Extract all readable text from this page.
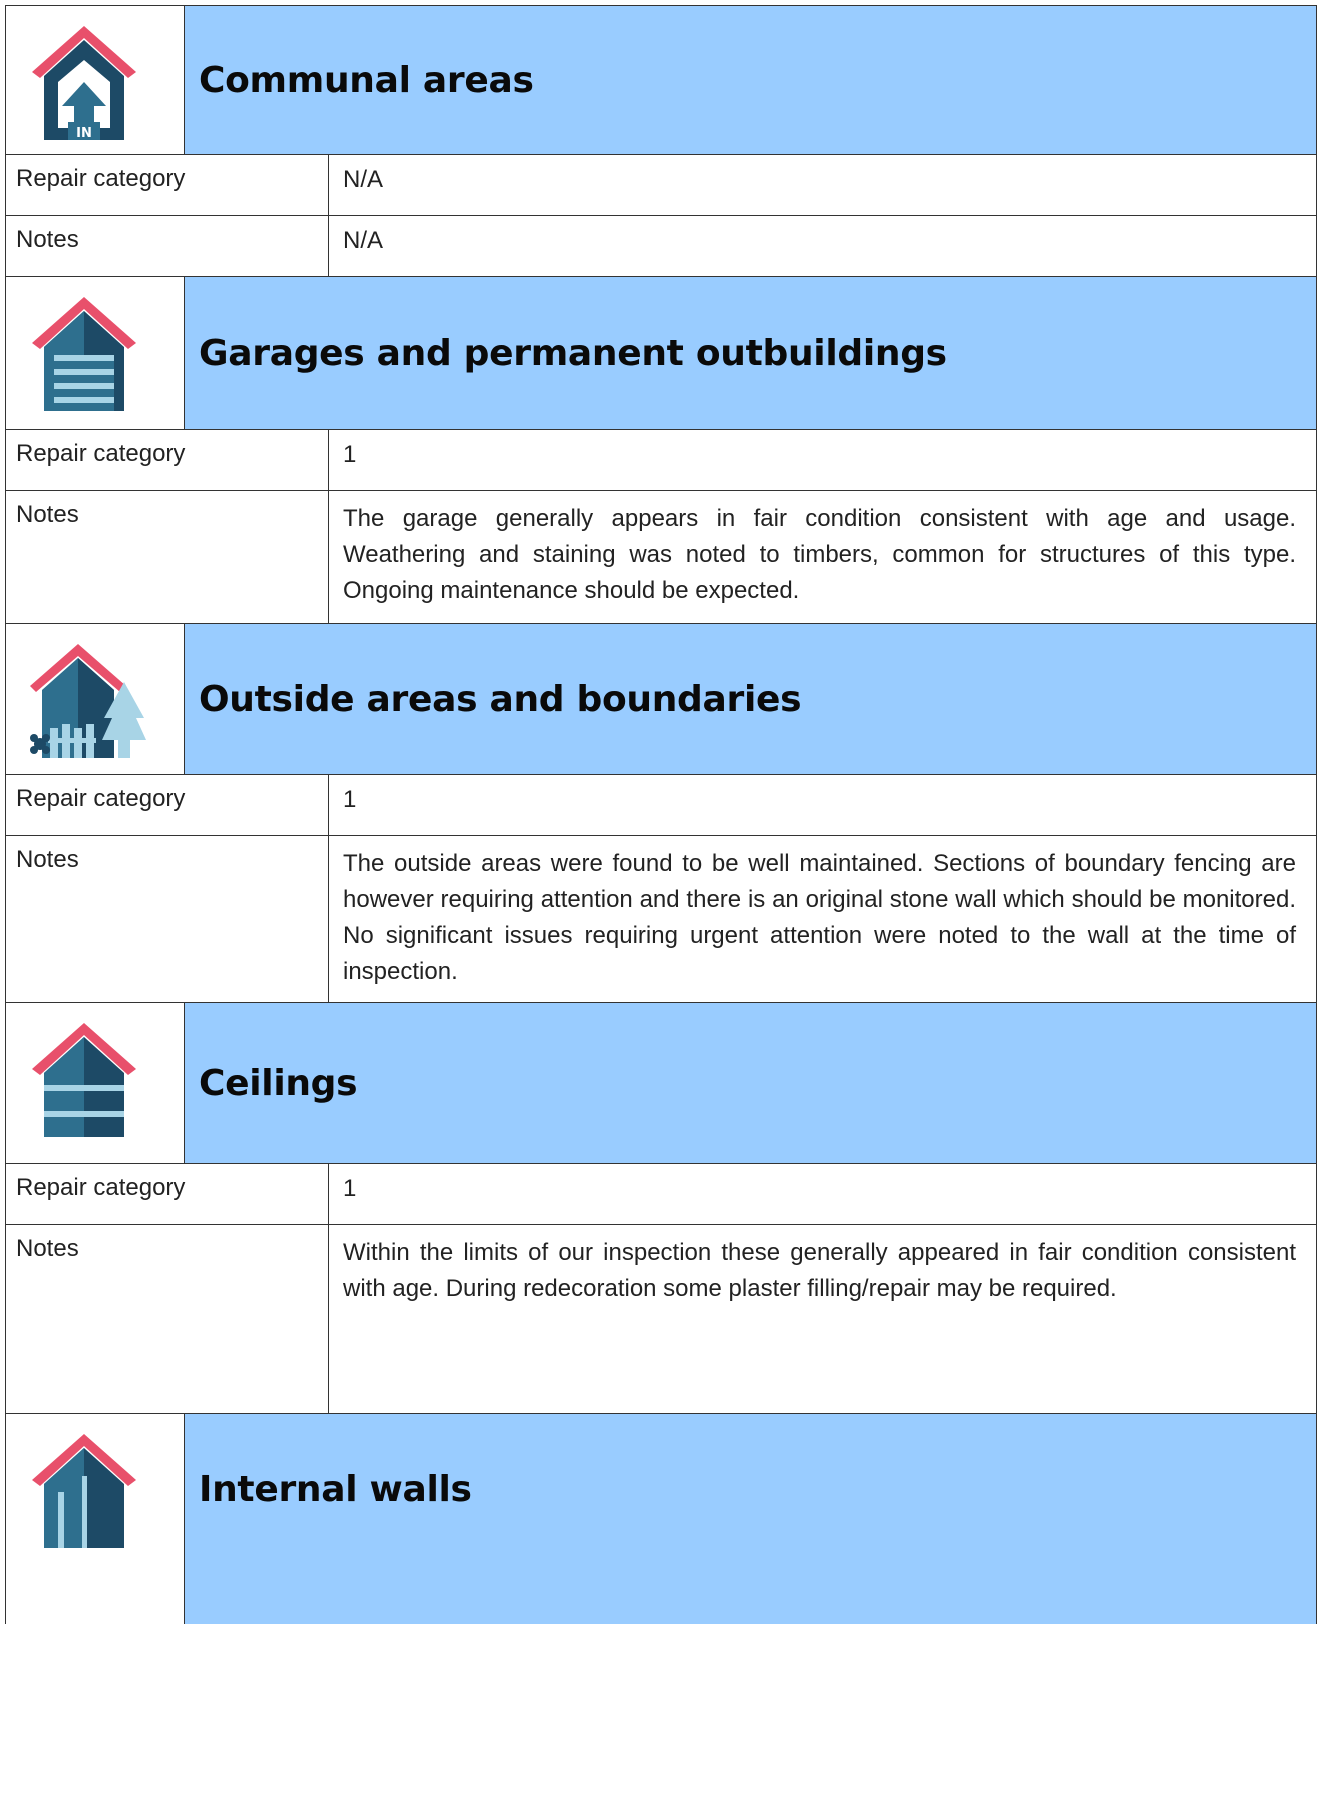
IN
Communal areas
Repair category	N/A
Notes	N/A
Garages and permanent outbuildings
Repair category	1
Notes	The garage generally appears in fair condition consistent with age and usage. Weathering and staining was noted to timbers, common for structures of this type. Ongoing maintenance should be expected.
Outside areas and boundaries
Repair category	1
Notes	The outside areas were found to be well maintained. Sections of boundary fencing are however requiring attention and there is an original stone wall which should be monitored. No significant issues requiring urgent attention were noted to the wall at the time of inspection.
Ceilings
Repair category	1
Notes	Within the limits of our inspection these generally appeared in fair condition consistent with age. During redecoration some plaster filling/repair may be required.
Internal walls
